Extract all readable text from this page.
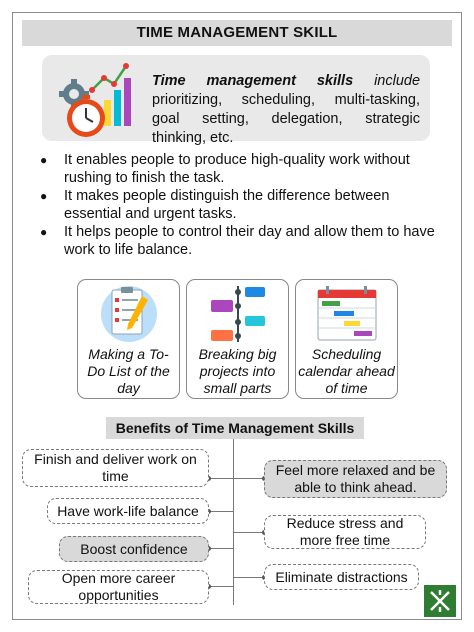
TIME MANAGEMENT SKILL

Time management skills include prioritizing, scheduling, multi-tasking, goal setting, delegation, strategic thinking, etc.

● It enables people to produce high-quality work without rushing to finish the task.
● It makes people distinguish the difference between essential and urgent tasks.
● It helps people to control their day and allow them to have work to life balance.
Making a To-Do List of the day
Breaking big projects into small parts
Scheduling calendar ahead of time
Benefits of Time Management Skills
Finish and deliver work on time
Have work-life balance
Boost confidence
Open more career opportunities
Feel more relaxed and be able to think ahead.
Reduce stress and more free time
Eliminate distractions
